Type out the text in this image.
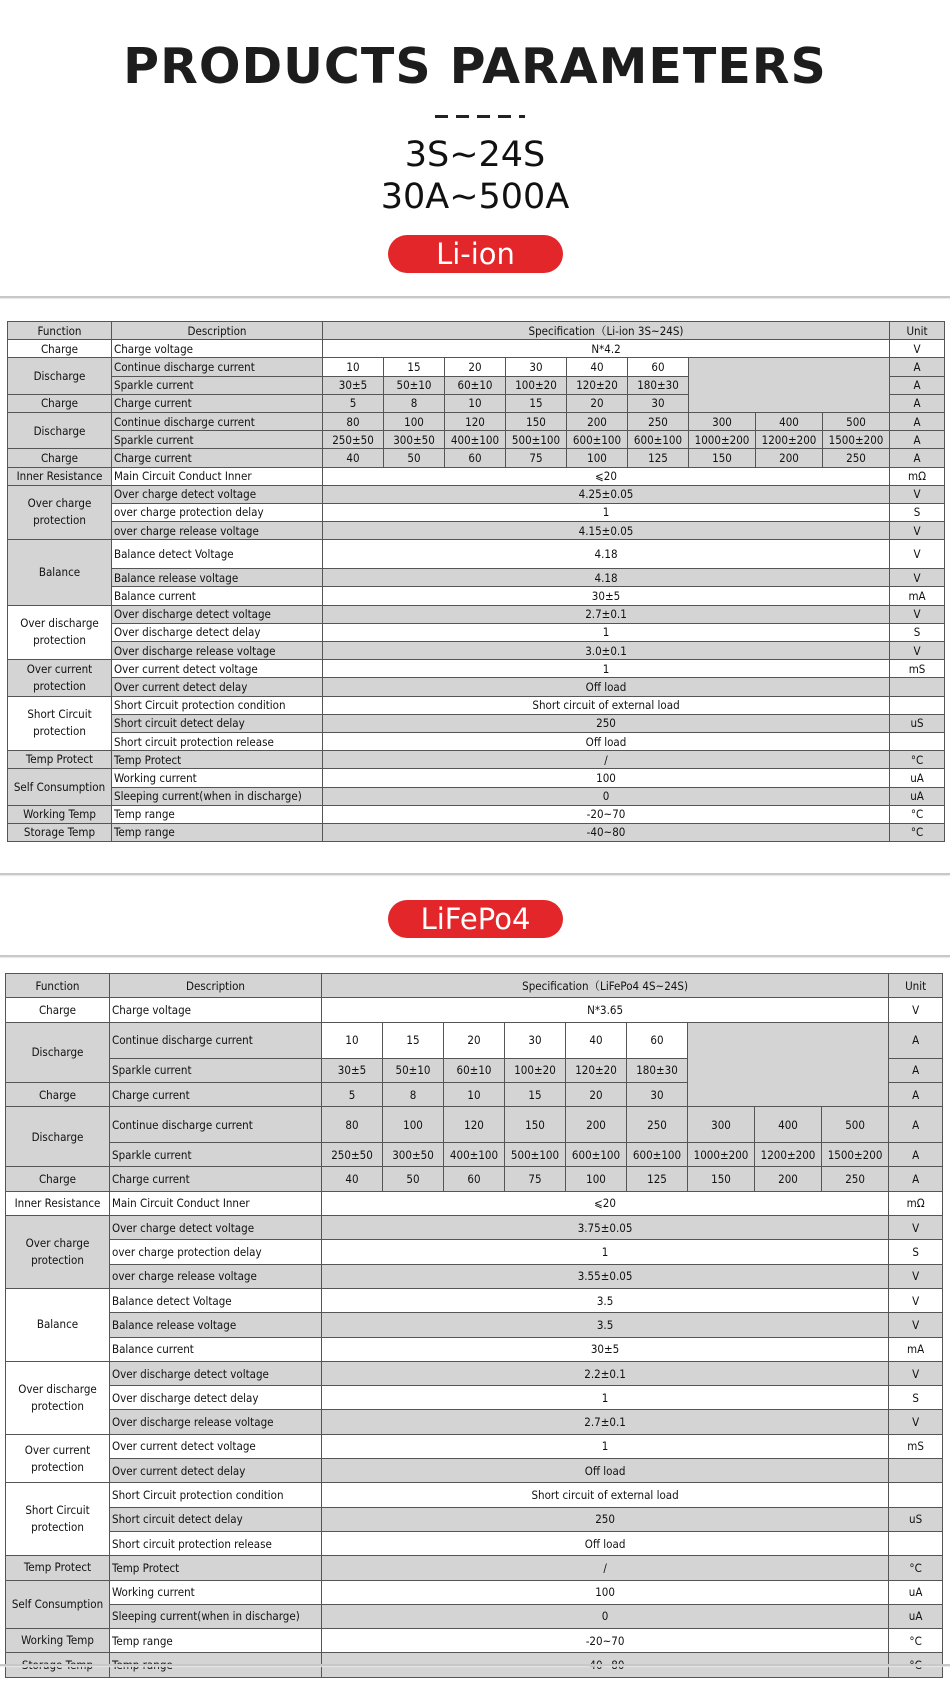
PRODUCTS PARAMETERS
3S~24S
30A~500A
Li-ion
Function	Description	Specification（Li-ion 3S~24S)									Unit
Charge	Charge voltage	N*4.2									V
Discharge	Continue discharge current	10	15	20	30	40	60				A
	Sparkle current	30±5	50±10	60±10	100±20	120±20	180±30				A
Charge	Charge current	5	8	10	15	20	30				A
Discharge	Continue discharge current	80	100	120	150	200	250	300	400	500	A
	Sparkle current	250±50	300±50	400±100	500±100	600±100	600±100	1000±200	1200±200	1500±200	A
Charge	Charge current	40	50	60	75	100	125	150	200	250	A
Inner Resistance	Main Circuit Conduct Inner	⩽20									mΩ
Over charge protection	Over charge detect voltage	4.25±0.05									V
	over charge protection delay	1									S
	over charge release voltage	4.15±0.05									V
Balance	Balance detect Voltage	4.18									V
	Balance release voltage	4.18									V
	Balance current	30±5									mA
Over discharge protection	Over discharge detect voltage	2.7±0.1									V
	Over discharge detect delay	1									S
	Over discharge release voltage	3.0±0.1									V
Over current protection	Over current detect voltage	1									mS
	Over current detect delay	Off load									
Short Circuit protection	Short Circuit protection condition	Short circuit of external load									
	Short circuit detect delay	250									uS
	Short circuit protection release	Off load									
Temp Protect	Temp Protect	/									°C
Self Consumption	Working current	100									uA
	Sleeping current(when in discharge)	0									uA
Working Temp	Temp range	-20~70									°C
Storage Temp	Temp range	-40~80									°C
LiFePo4
Function	Description	Specification（LiFePo4 4S~24S)									Unit
Charge	Charge voltage	N*3.65									V
Discharge	Continue discharge current	10	15	20	30	40	60				A
	Sparkle current	30±5	50±10	60±10	100±20	120±20	180±30				A
Charge	Charge current	5	8	10	15	20	30				A
Discharge	Continue discharge current	80	100	120	150	200	250	300	400	500	A
	Sparkle current	250±50	300±50	400±100	500±100	600±100	600±100	1000±200	1200±200	1500±200	A
Charge	Charge current	40	50	60	75	100	125	150	200	250	A
Inner Resistance	Main Circuit Conduct Inner	⩽20									mΩ
Over charge protection	Over charge detect voltage	3.75±0.05									V
	over charge protection delay	1									S
	over charge release voltage	3.55±0.05									V
Balance	Balance detect Voltage	3.5									V
	Balance release voltage	3.5									V
	Balance current	30±5									mA
Over discharge protection	Over discharge detect voltage	2.2±0.1									V
	Over discharge detect delay	1									S
	Over discharge release voltage	2.7±0.1									V
Over current protection	Over current detect voltage	1									mS
	Over current detect delay	Off load									
Short Circuit protection	Short Circuit protection condition	Short circuit of external load									
	Short circuit detect delay	250									uS
	Short circuit protection release	Off load									
Temp Protect	Temp Protect	/									°C
Self Consumption	Working current	100									uA
	Sleeping current(when in discharge)	0									uA
Working Temp	Temp range	-20~70									°C
Storage Temp	Temp range	-40~80									°C
